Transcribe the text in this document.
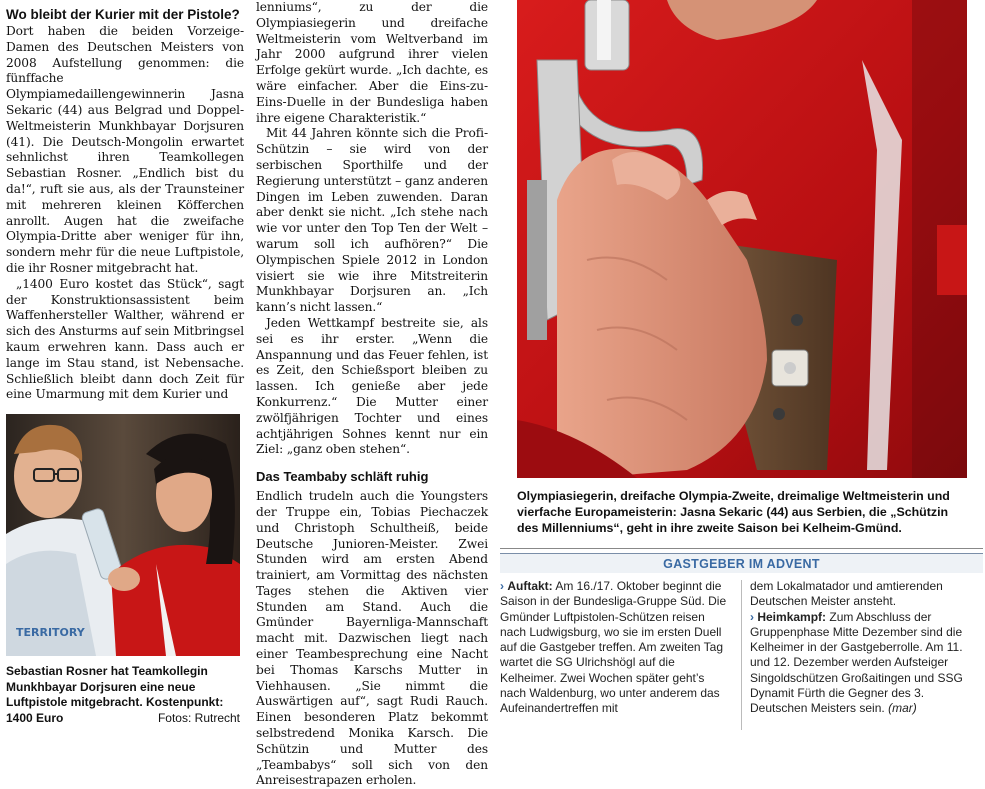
Wo bleibt der Kurier mit der Pistole?

Dort haben die beiden Vorzeige-Damen des Deutschen Meisters von 2008 Aufstellung genommen: die fünffache Olympiamedaillengewinnerin Jasna Sekaric (44) aus Belgrad und Doppel-Weltmeisterin Munkhbayar Dorjsuren (41). Die Deutsch-Mongolin erwartet sehnlichst ihren Teamkollegen Sebastian Rosner. „Endlich bist du da!“, ruft sie aus, als der Traunsteiner mit mehreren kleinen Köfferchen anrollt. Augen hat die zweifache Olympia-Dritte aber weniger für ihn, sondern mehr für die neue Luftpistole, die ihr Rosner mitgebracht hat.

„1400 Euro kostet das Stück“, sagt der Konstruktionsassistent beim Waffenhersteller Walther, während er sich des Ansturms auf sein Mitbringsel kaum erwehren kann. Dass auch er lange im Stau stand, ist Nebensache. Schließlich bleibt dann doch Zeit für eine Umarmung mit dem Kurier und

TERRITORY
Sebastian Rosner hat Teamkollegin Munkhbayar Dorjsuren eine neue Luftpistole mitgebracht. Kostenpunkt: 1400 Euro	Fotos: Rutrecht

lenniums“, zu der die Olympiasiegerin und dreifache Weltmeisterin vom Weltverband im Jahr 2000 aufgrund ihrer vielen Erfolge gekürt wurde. „Ich dachte, es wäre einfacher. Aber die Eins-zu-Eins-Duelle in der Bundesliga haben ihre eigene Charakteristik.“

Mit 44 Jahren könnte sich die Profi-Schützin – sie wird von der serbischen Sporthilfe und der Regierung unterstützt – ganz anderen Dingen im Leben zuwenden. Daran aber denkt sie nicht. „Ich stehe nach wie vor unter den Top Ten der Welt – warum soll ich aufhören?“ Die Olympischen Spiele 2012 in London visiert sie wie ihre Mitstreiterin Munkhbayar Dorjsuren an. „Ich kann’s nicht lassen.“

Jeden Wettkampf bestreite sie, als sei es ihr erster. „Wenn die Anspannung und das Feuer fehlen, ist es Zeit, den Schießsport bleiben zu lassen. Ich genieße aber jede Konkurrenz.“ Die Mutter einer zwölfjährigen Tochter und eines achtjährigen Sohnes kennt nur ein Ziel: „ganz oben stehen“.

Das Teambaby schläft ruhig

Endlich trudeln auch die Youngsters der Truppe ein, Tobias Piechaczek und Christoph Schultheiß, beide Deutsche Junioren-Meister. Zwei Stunden wird am ersten Abend trainiert, am Vormittag des nächsten Tages stehen die Aktiven vier Stunden am Stand. Auch die Gmünder Bayernliga-Mannschaft macht mit. Dazwischen liegt nach einer Teambesprechung eine Nacht bei Thomas Karschs Mutter in Viehhausen. „Sie nimmt die Auswärtigen auf“, sagt Rudi Rauch. Einen besonderen Platz bekommt selbstredend Monika Karsch. Die Schützin und Mutter des „Teambabys“ soll sich von den Anreisestrapazen erholen.

Olympiasiegerin, dreifache Olympia-Zweite, dreimalige Weltmeisterin und vierfache Europameisterin: Jasna Sekaric (44) aus Serbien, die „Schützin des Millenniums“, geht in ihre zweite Saison bei Kelheim-Gmünd.
GASTGEBER IM ADVENT
› Auftakt: Am 16./17. Oktober beginnt die Saison in der Bundesliga-Gruppe Süd. Die Gmünder Luftpistolen-Schützen reisen nach Ludwigsburg, wo sie im ersten Duell auf die Gastgeber treffen. Am zweiten Tag wartet die SG Ulrichshögl auf die Kelheimer. Zwei Wochen später geht’s nach Waldenburg, wo unter anderem das Aufeinandertreffen mit
dem Lokalmatador und amtierenden Deutschen Meister ansteht.
› Heimkampf: Zum Abschluss der Gruppenphase Mitte Dezember sind die Kelheimer in der Gastgeberrolle. Am 11. und 12. Dezember werden Aufsteiger Singoldschützen Großaitingen und SSG Dynamit Fürth die Gegner des 3. Deutschen Meisters sein. (mar)
